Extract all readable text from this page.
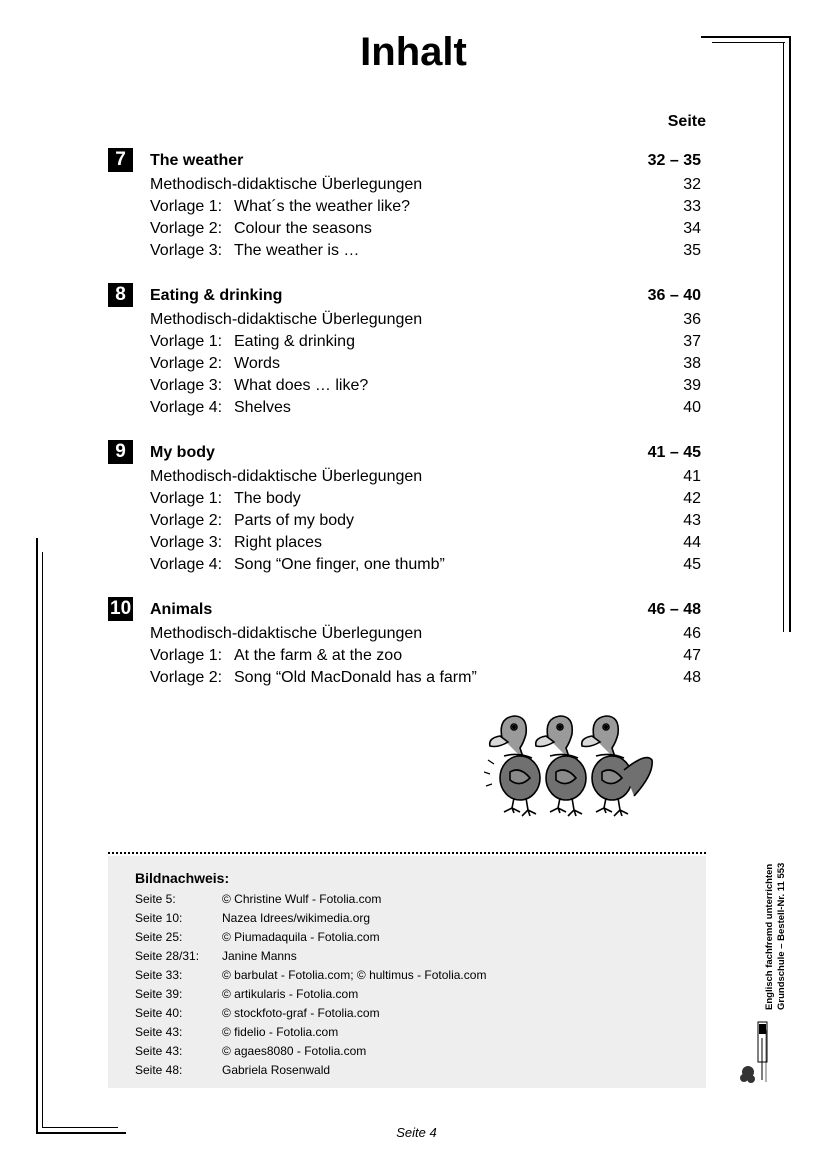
Inhalt
Seite
7	The weather	32 – 35
Methodisch-didaktische Überlegungen	32
Vorlage 1: What´s the weather like?	33
Vorlage 2: Colour the seasons	34
Vorlage 3: The weather is …	35
8	Eating & drinking	36 – 40
Methodisch-didaktische Überlegungen	36
Vorlage 1: Eating & drinking	37
Vorlage 2: Words	38
Vorlage 3: What does … like?	39
Vorlage 4: Shelves	40
9	My body	41 – 45
Methodisch-didaktische Überlegungen	41
Vorlage 1: The body	42
Vorlage 2: Parts of my body	43
Vorlage 3: Right places	44
Vorlage 4: Song “One finger, one thumb”	45
10 Animals	46 – 48
Methodisch-didaktische Überlegungen	46
Vorlage 1: At the farm & at the zoo	47
Vorlage 2: Song “Old MacDonald has a farm”	48
Bildnachweis:
Seite 5:	© Christine Wulf - Fotolia.com
Seite 10:	Nazea Idrees/wikimedia.org
Seite 25:	© Piumadaquila - Fotolia.com
Seite 28/31: Janine Manns
Seite 33:	© barbulat - Fotolia.com; © hultimus - Fotolia.com
Seite 39:	© artikularis - Fotolia.com
Seite 40:	© stockfoto-graf - Fotolia.com
Seite 43:	© fidelio - Fotolia.com
Seite 43:	© agaes8080 - Fotolia.com
Seite 48:	Gabriela Rosenwald
Englisch fachfremd unterrichten Grundschule – Bestell-Nr. 11 553
Seite 4
